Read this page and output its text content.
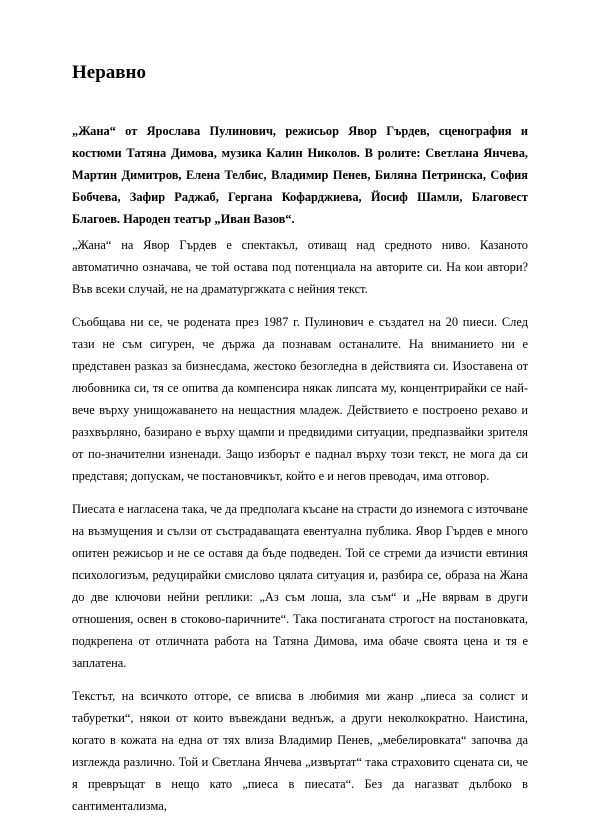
Неравно

„Жана“ от Ярослава Пулинович, режисьор Явор Гърдев, сценография и костюми Татяна Димова, музика Калин Николов. В ролите: Светлана Янчева, Мартин Димитров, Елена Телбис, Владимир Пенев, Биляна Петринска, София Бобчева, Зафир Раджаб, Гергана Кофарджиева, Йосиф Шамли, Благовест Благоев. Народен театър „Иван Вазов“.

„Жана“ на Явор Гърдев е спектакъл, отиващ над средното ниво. Казаното автоматично означава, че той остава под потенциала на авторите си. На кои автори? Във всеки случай, не на драматургжката с нейния текст.

Съобщава ни се, че родената през 1987 г. Пулинович е създател на 20 пиеси. След тази не съм сигурен, че държа да познавам останалите. На вниманието ни е представен разказ за бизнесдама, жестоко безогледна в действията си. Изоставена от любовника си, тя се опитва да компенсира някак липсата му, концентрирайки се най-вече върху унищожаването на нещастния младеж. Действието е построено рехаво и разхвърляно, базирано е върху щампи и предвидими ситуации, предпазвайки зрителя от по-значителни изненади. Защо изборът е паднал върху този текст, не мога да си представя; допускам, че постановчикът, който е и негов преводач, има отговор.

Пиесата е нагласена така, че да предполага късане на страсти до изнемога с източване на възмущения и сълзи от състрадаващата евентуална публика. Явор Гърдев е много опитен режисьор и не се оставя да бъде подведен. Той се стреми да изчисти евтиния психологизъм, редуцирайки смислово цялата ситуация и, разбира се, образа на Жана до две ключови нейни реплики: „Аз съм лоша, зла съм“ и „Не вярвам в други отношения, освен в стоково-паричните“. Така постиганата строгост на постановката, подкрепена от отличната работа на Татяна Димова, има обаче своята цена и тя е заплатена.

Текстът, на всичкото отгоре, се вписва в любимия ми жанр „пиеса за солист и табуретки“, някои от които въвеждани веднъж, а други неколкократно. Наистина, когато в кожата на една от тях влиза Владимир Пенев, „мебелировката“ започва да изглежда различно. Той и Светлана Янчева „извъртат“ така страховито сцената си, че я превръщат в нещо като „пиеса в пиесата“. Без да нагазват дълбоко в сантиментализма,
